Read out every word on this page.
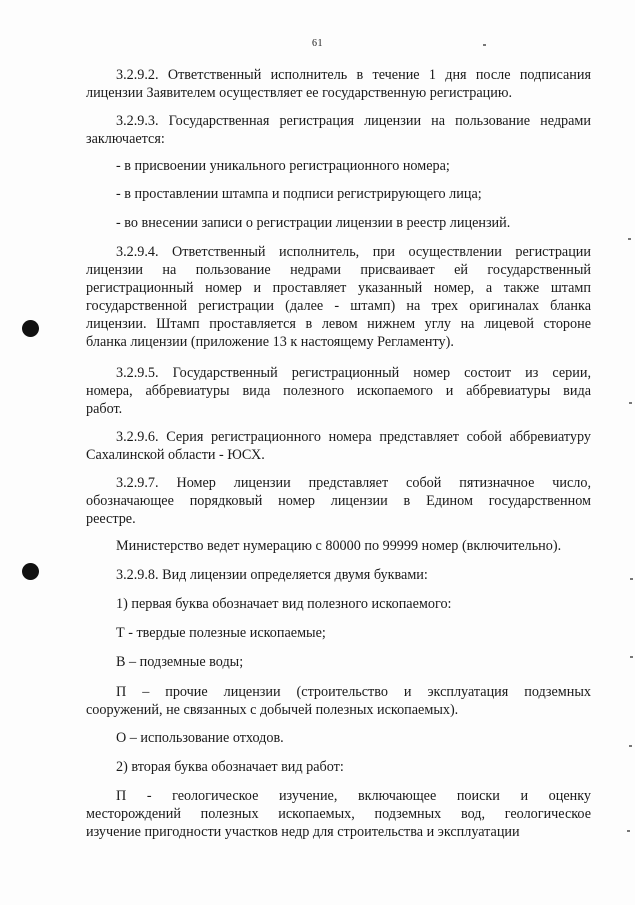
61
3.2.9.2. Ответственный исполнитель в течение 1 дня после подписания
лицензии Заявителем осуществляет ее государственную регистрацию.
3.2.9.3. Государственная регистрация лицензии на пользование недрами
заключается:
- в присвоении уникального регистрационного номера;
- в проставлении штампа и подписи регистрирующего лица;
- во внесении записи о регистрации лицензии в реестр лицензий.
3.2.9.4. Ответственный исполнитель, при осуществлении регистрации
лицензии на пользование недрами присваивает ей государственный
регистрационный номер и проставляет указанный номер, а также штамп
государственной регистрации (далее - штамп) на трех оригиналах бланка
лицензии. Штамп проставляется в левом нижнем углу на лицевой стороне
бланка лицензии (приложение 13 к настоящему Регламенту).
3.2.9.5. Государственный регистрационный номер состоит из серии,
номера, аббревиатуры вида полезного ископаемого и аббревиатуры вида
работ.
3.2.9.6. Серия регистрационного номера представляет собой аббревиатуру
Сахалинской области - ЮСХ.
3.2.9.7. Номер лицензии представляет собой пятизначное число,
обозначающее порядковый номер лицензии в Едином государственном
реестре.
Министерство ведет нумерацию с 80000 по 99999 номер (включительно).
3.2.9.8. Вид лицензии определяется двумя буквами:
1) первая буква обозначает вид полезного ископаемого:
Т - твердые полезные ископаемые;
В – подземные воды;
П – прочие лицензии (строительство и эксплуатация подземных
сооружений, не связанных с добычей полезных ископаемых).
О – использование отходов.
2) вторая буква обозначает вид работ:
П - геологическое изучение, включающее поиски и оценку
месторождений полезных ископаемых, подземных вод, геологическое
изучение пригодности участков недр для строительства и эксплуатации
